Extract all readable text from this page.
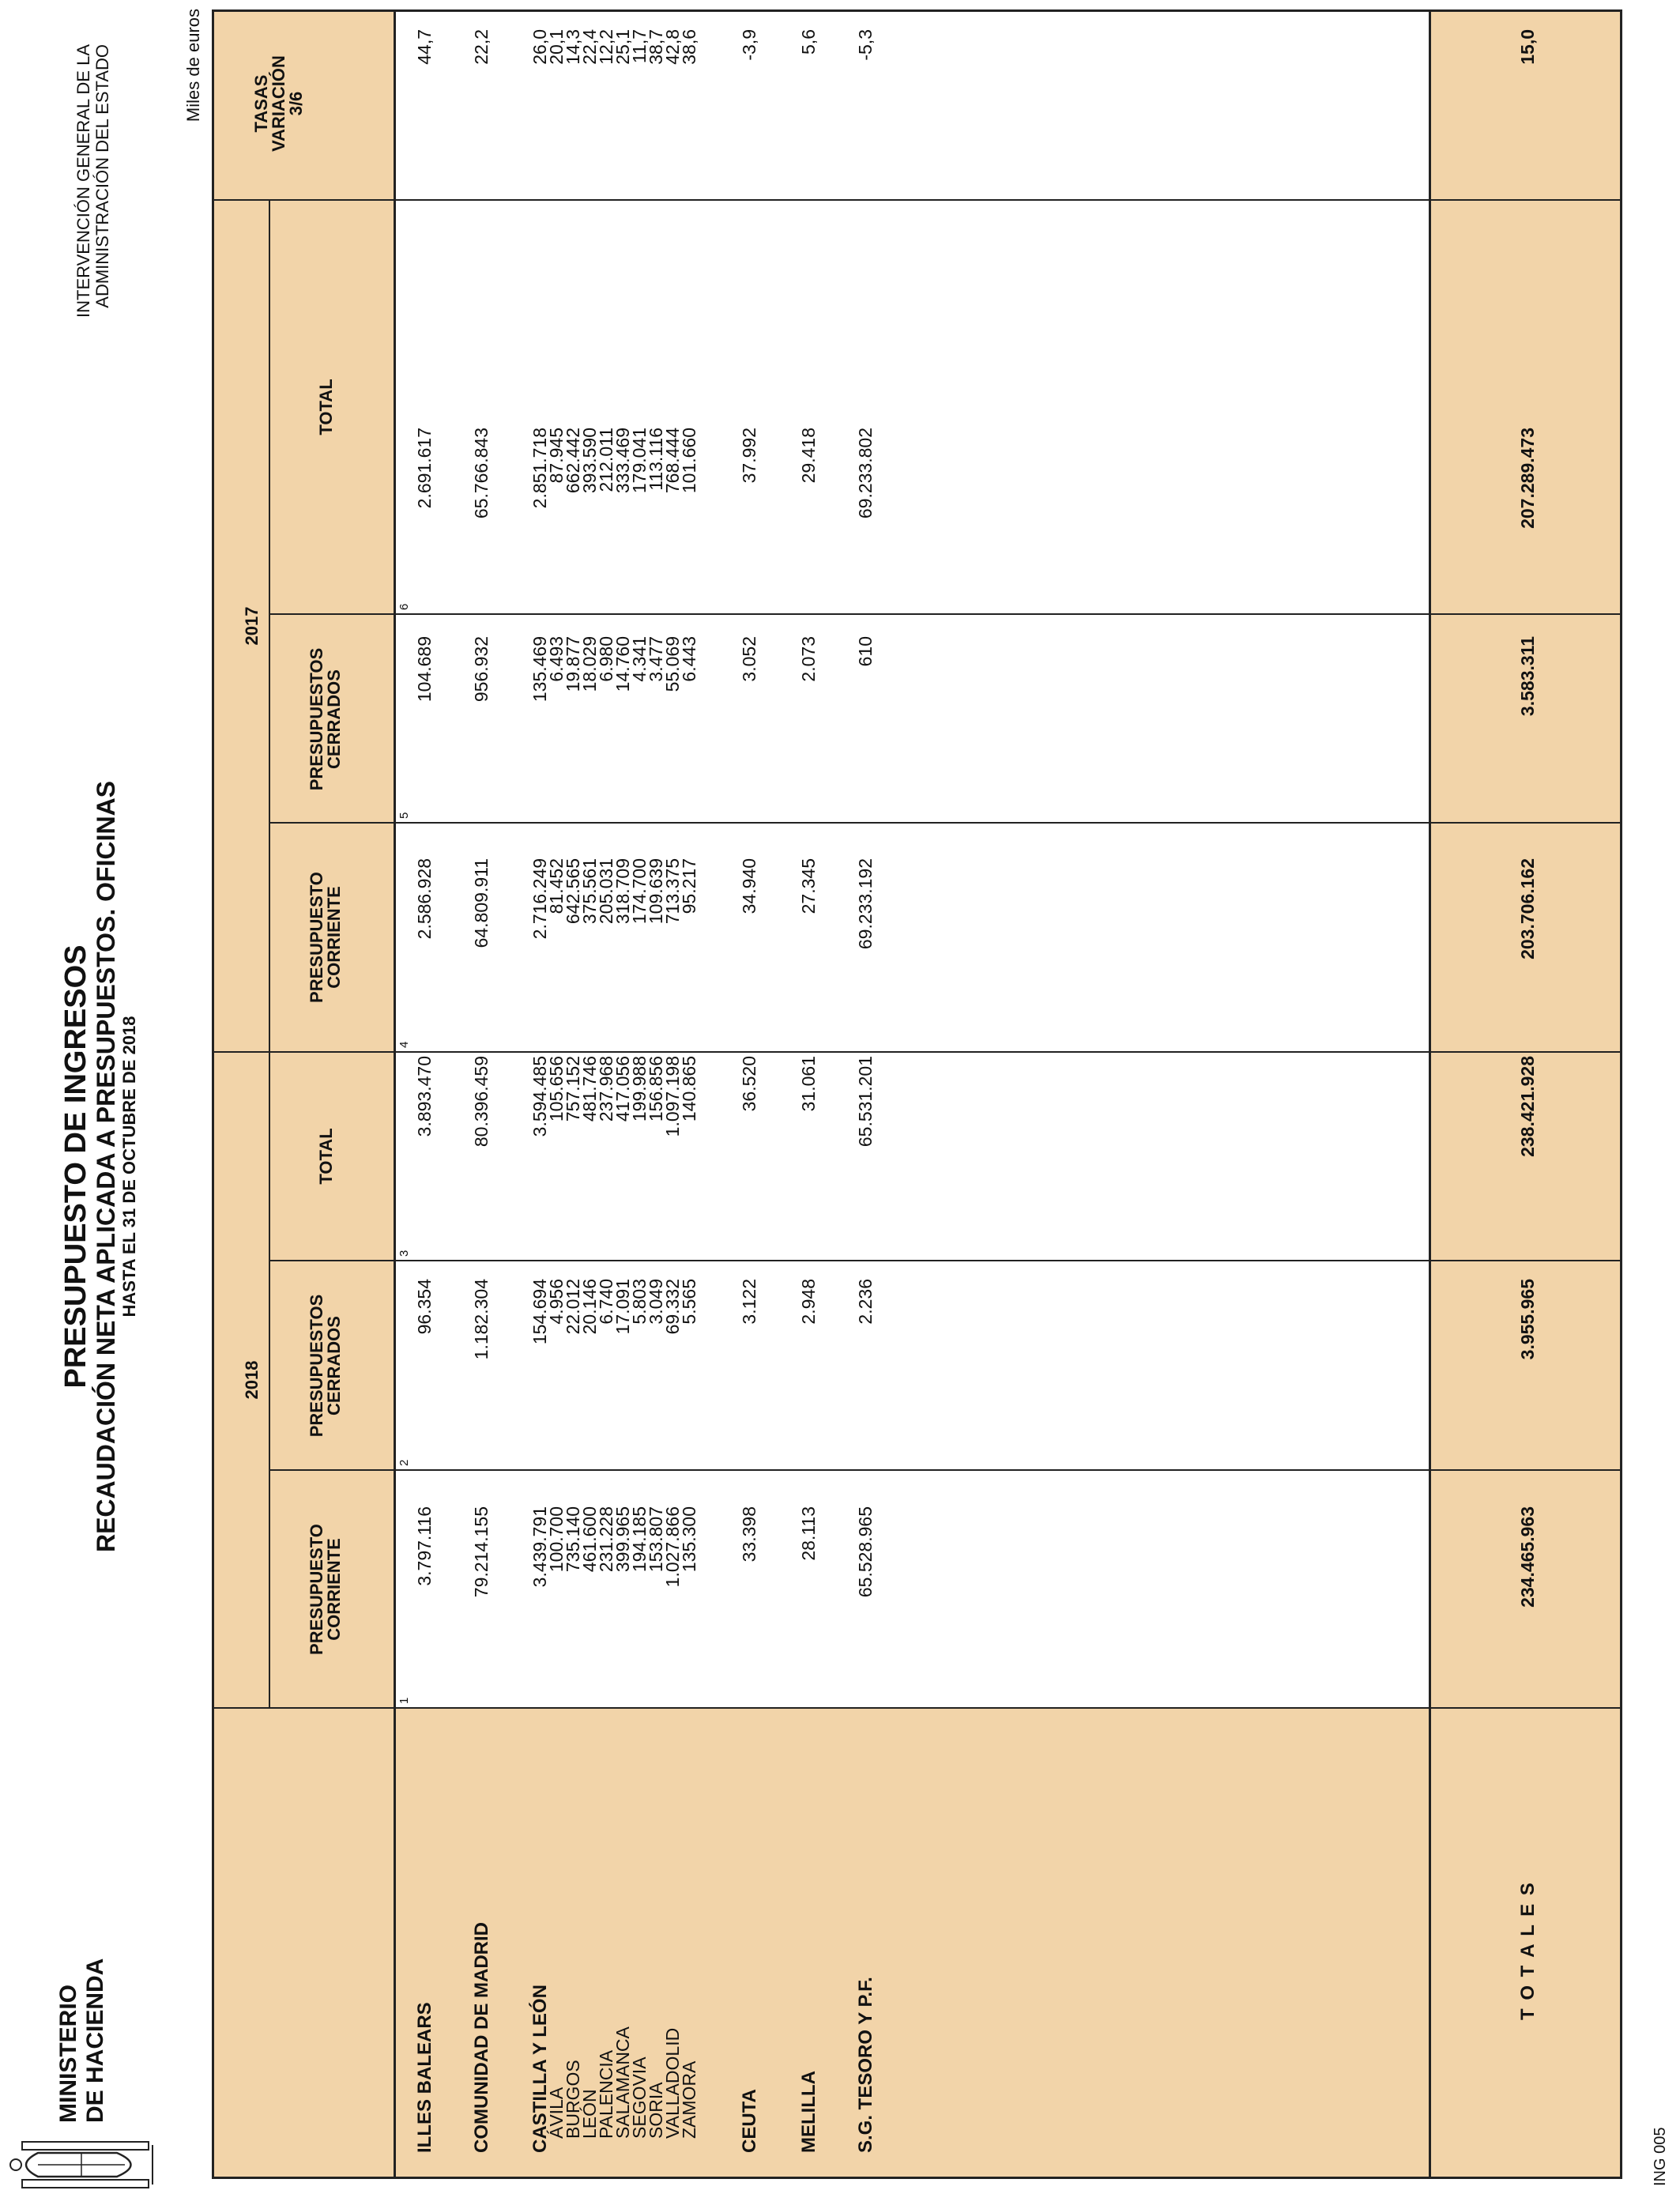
MINISTERIO DE HACIENDA
PRESUPUESTO DE INGRESOS RECAUDACIÓN NETA APLICADA A PRESUPUESTOS. OFICINAS HASTA EL 31 DE OCTUBRE DE 2018
INTERVENCIÓN GENERAL DE LA ADMINISTRACIÓN DEL ESTADO	Miles de euros
2018
2017
PRESUPUESTO CORRIENTE
PRESUPUESTOS CERRADOS
TOTAL
PRESUPUESTO CORRIENTE
PRESUPUESTOS CERRADOS
TOTAL
TASAS VARIACIÓN 3/6
1
2
3
4
5
6
ILLES BALEARS
3.797.116
96.354
3.893.470
2.586.928
104.689
2.691.617
44,7
COMUNIDAD DE MADRID
79.214.155
1.182.304
80.396.459
64.809.911
956.932
65.766.843
22,2
CASTILLA Y LEÓN
3.439.791
154.694
3.594.485
2.716.249
135.469
2.851.718
26,0
ÁVILA
100.700
4.956
105.656
81.452
6.493
87.945
20,1
BURGOS
735.140
22.012
757.152
642.565
19.877
662.442
14,3
LEÓN
461.600
20.146
481.746
375.561
18.029
393.590
22,4
PALENCIA
231.228
6.740
237.968
205.031
6.980
212.011
12,2
SALAMANCA
399.965
17.091
417.056
318.709
14.760
333.469
25,1
SEGOVIA
194.185
5.803
199.988
174.700
4.341
179.041
11,7
SORIA
153.807
3.049
156.856
109.639
3.477
113.116
38,7
VALLADOLID
1.027.866
69.332
1.097.198
713.375
55.069
768.444
42,8
ZAMORA
135.300
5.565
140.865
95.217
6.443
101.660
38,6
CEUTA
33.398
3.122
36.520
34.940
3.052
37.992
-3,9
MELILLA
28.113
2.948
31.061
27.345
2.073
29.418
5,6
S.G. TESORO Y P.F.
65.528.965
2.236
65.531.201
69.233.192
610
69.233.802
-5,3
T O T A L E S
234.465.963
3.955.965
238.421.928
203.706.162
3.583.311
207.289.473
15,0
ING 005
